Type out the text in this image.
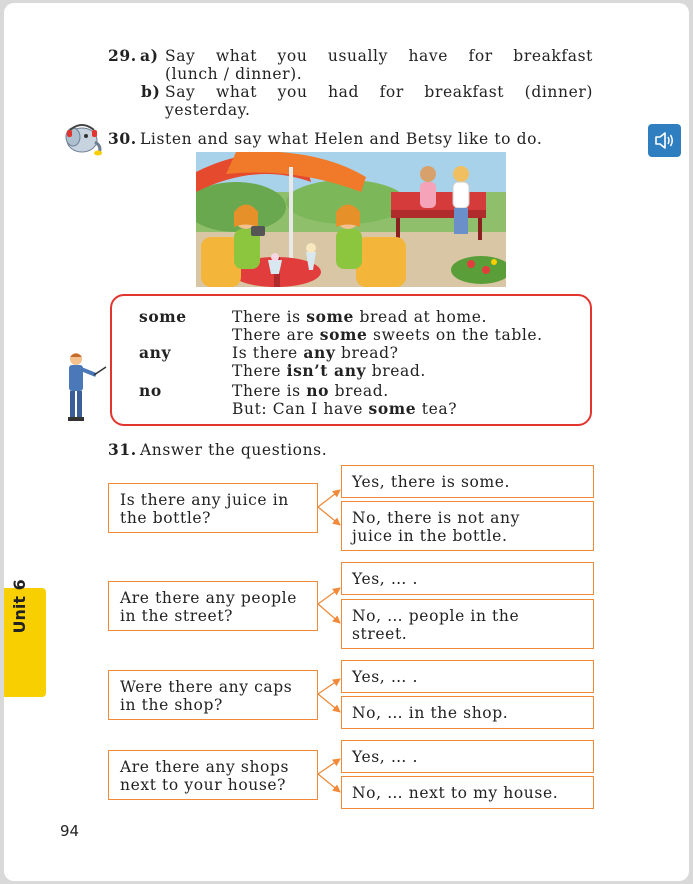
29. a) Say what you usually have for breakfast
(lunch / dinner).
b) Say what you had for breakfast (dinner)
yesterday.
30. Listen and say what Helen and Betsy like to do.
some	There is some bread at home.
There are some sweets on the table.
any	Is there any bread?
There isn’t any bread.
no	There is no bread.
But: Can I have some tea?
31. Answer the questions.
Is there any juice in
the bottle?
Yes, there is some.
No, there is not any
juice in the bottle.
Are there any people
in the street?
Yes, … .
No, … people in the
street.
Were there any caps
in the shop?
Yes, … .
No, … in the shop.
Are there any shops
next to your house?
Yes, … .
No, … next to my house.
Unit 6
94
